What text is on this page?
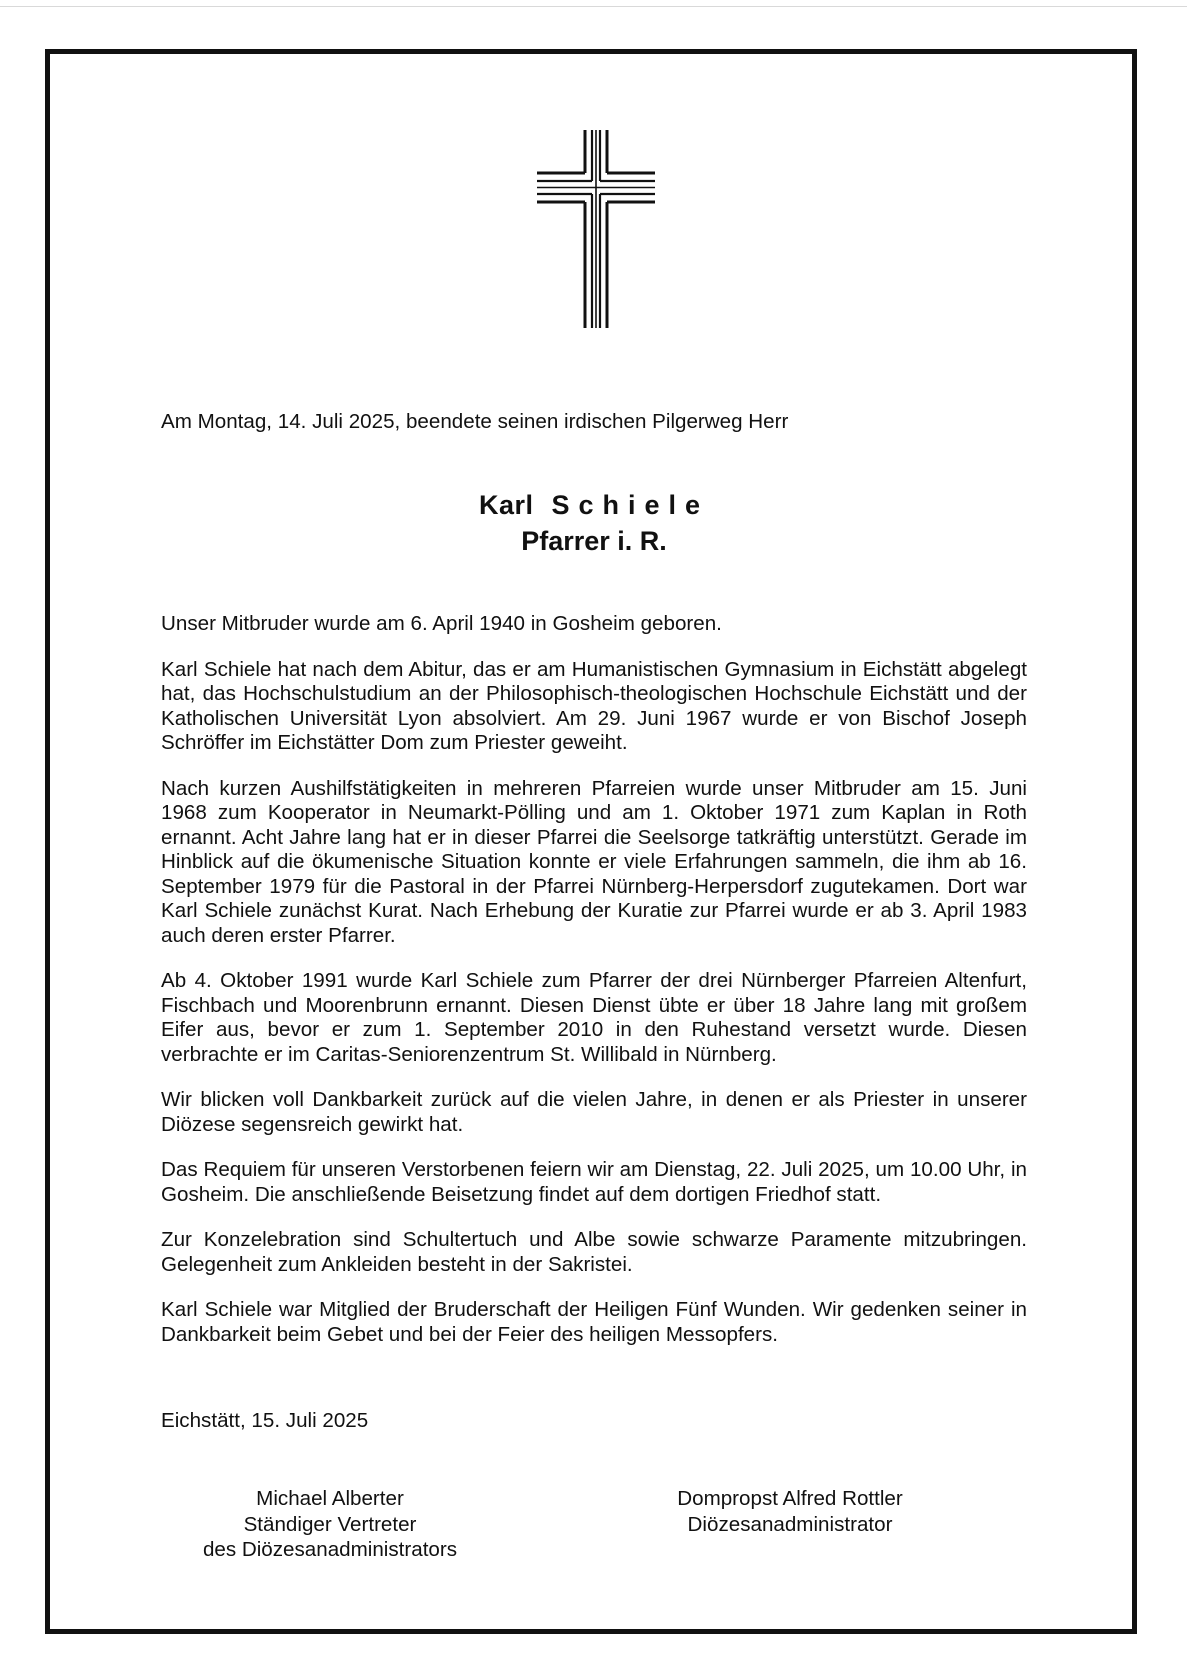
Am Montag, 14. Juli 2025, beendete seinen irdischen Pilgerweg Herr
Karl Schiele
Pfarrer i. R.

Unser Mitbruder wurde am 6. April 1940 in Gosheim geboren.

Karl Schiele hat nach dem Abitur, das er am Humanistischen Gymnasium in Eichstätt abgelegt hat, das Hochschulstudium an der Philosophisch-theologischen Hochschule Eichstätt und der Katholischen Universität Lyon absolviert. Am 29. Juni 1967 wurde er von Bischof Joseph Schröffer im Eichstätter Dom zum Priester geweiht.

Nach kurzen Aushilfstätigkeiten in mehreren Pfarreien wurde unser Mitbruder am 15. Juni 1968 zum Kooperator in Neumarkt-Pölling und am 1. Oktober 1971 zum Kaplan in Roth ernannt. Acht Jahre lang hat er in dieser Pfarrei die Seelsorge tatkräftig unterstützt. Gerade im Hinblick auf die ökumenische Situation konnte er viele Erfahrungen sammeln, die ihm ab 16. September 1979 für die Pastoral in der Pfarrei Nürnberg-Herpersdorf zugutekamen. Dort war Karl Schiele zunächst Kurat. Nach Erhebung der Kuratie zur Pfarrei wurde er ab 3. April 1983 auch deren erster Pfarrer.

Ab 4. Oktober 1991 wurde Karl Schiele zum Pfarrer der drei Nürnberger Pfarreien Altenfurt, Fischbach und Moorenbrunn ernannt. Diesen Dienst übte er über 18 Jahre lang mit großem Eifer aus, bevor er zum 1. September 2010 in den Ruhestand versetzt wurde. Diesen verbrachte er im Caritas-Seniorenzentrum St. Willibald in Nürnberg.

Wir blicken voll Dankbarkeit zurück auf die vielen Jahre, in denen er als Priester in unserer Diözese segensreich gewirkt hat.

Das Requiem für unseren Verstorbenen feiern wir am Dienstag, 22. Juli 2025, um 10.00 Uhr, in Gosheim. Die anschließende Beisetzung findet auf dem dortigen Friedhof statt.

Zur Konzelebration sind Schultertuch und Albe sowie schwarze Paramente mitzubringen. Gelegenheit zum Ankleiden besteht in der Sakristei.

Karl Schiele war Mitglied der Bruderschaft der Heiligen Fünf Wunden. Wir gedenken seiner in Dankbarkeit beim Gebet und bei der Feier des heiligen Messopfers.

Eichstätt, 15. Juli 2025
Michael Alberter
Ständiger Vertreter
des Diözesanadministrators
Dompropst Alfred Rottler
Diözesanadministrator
